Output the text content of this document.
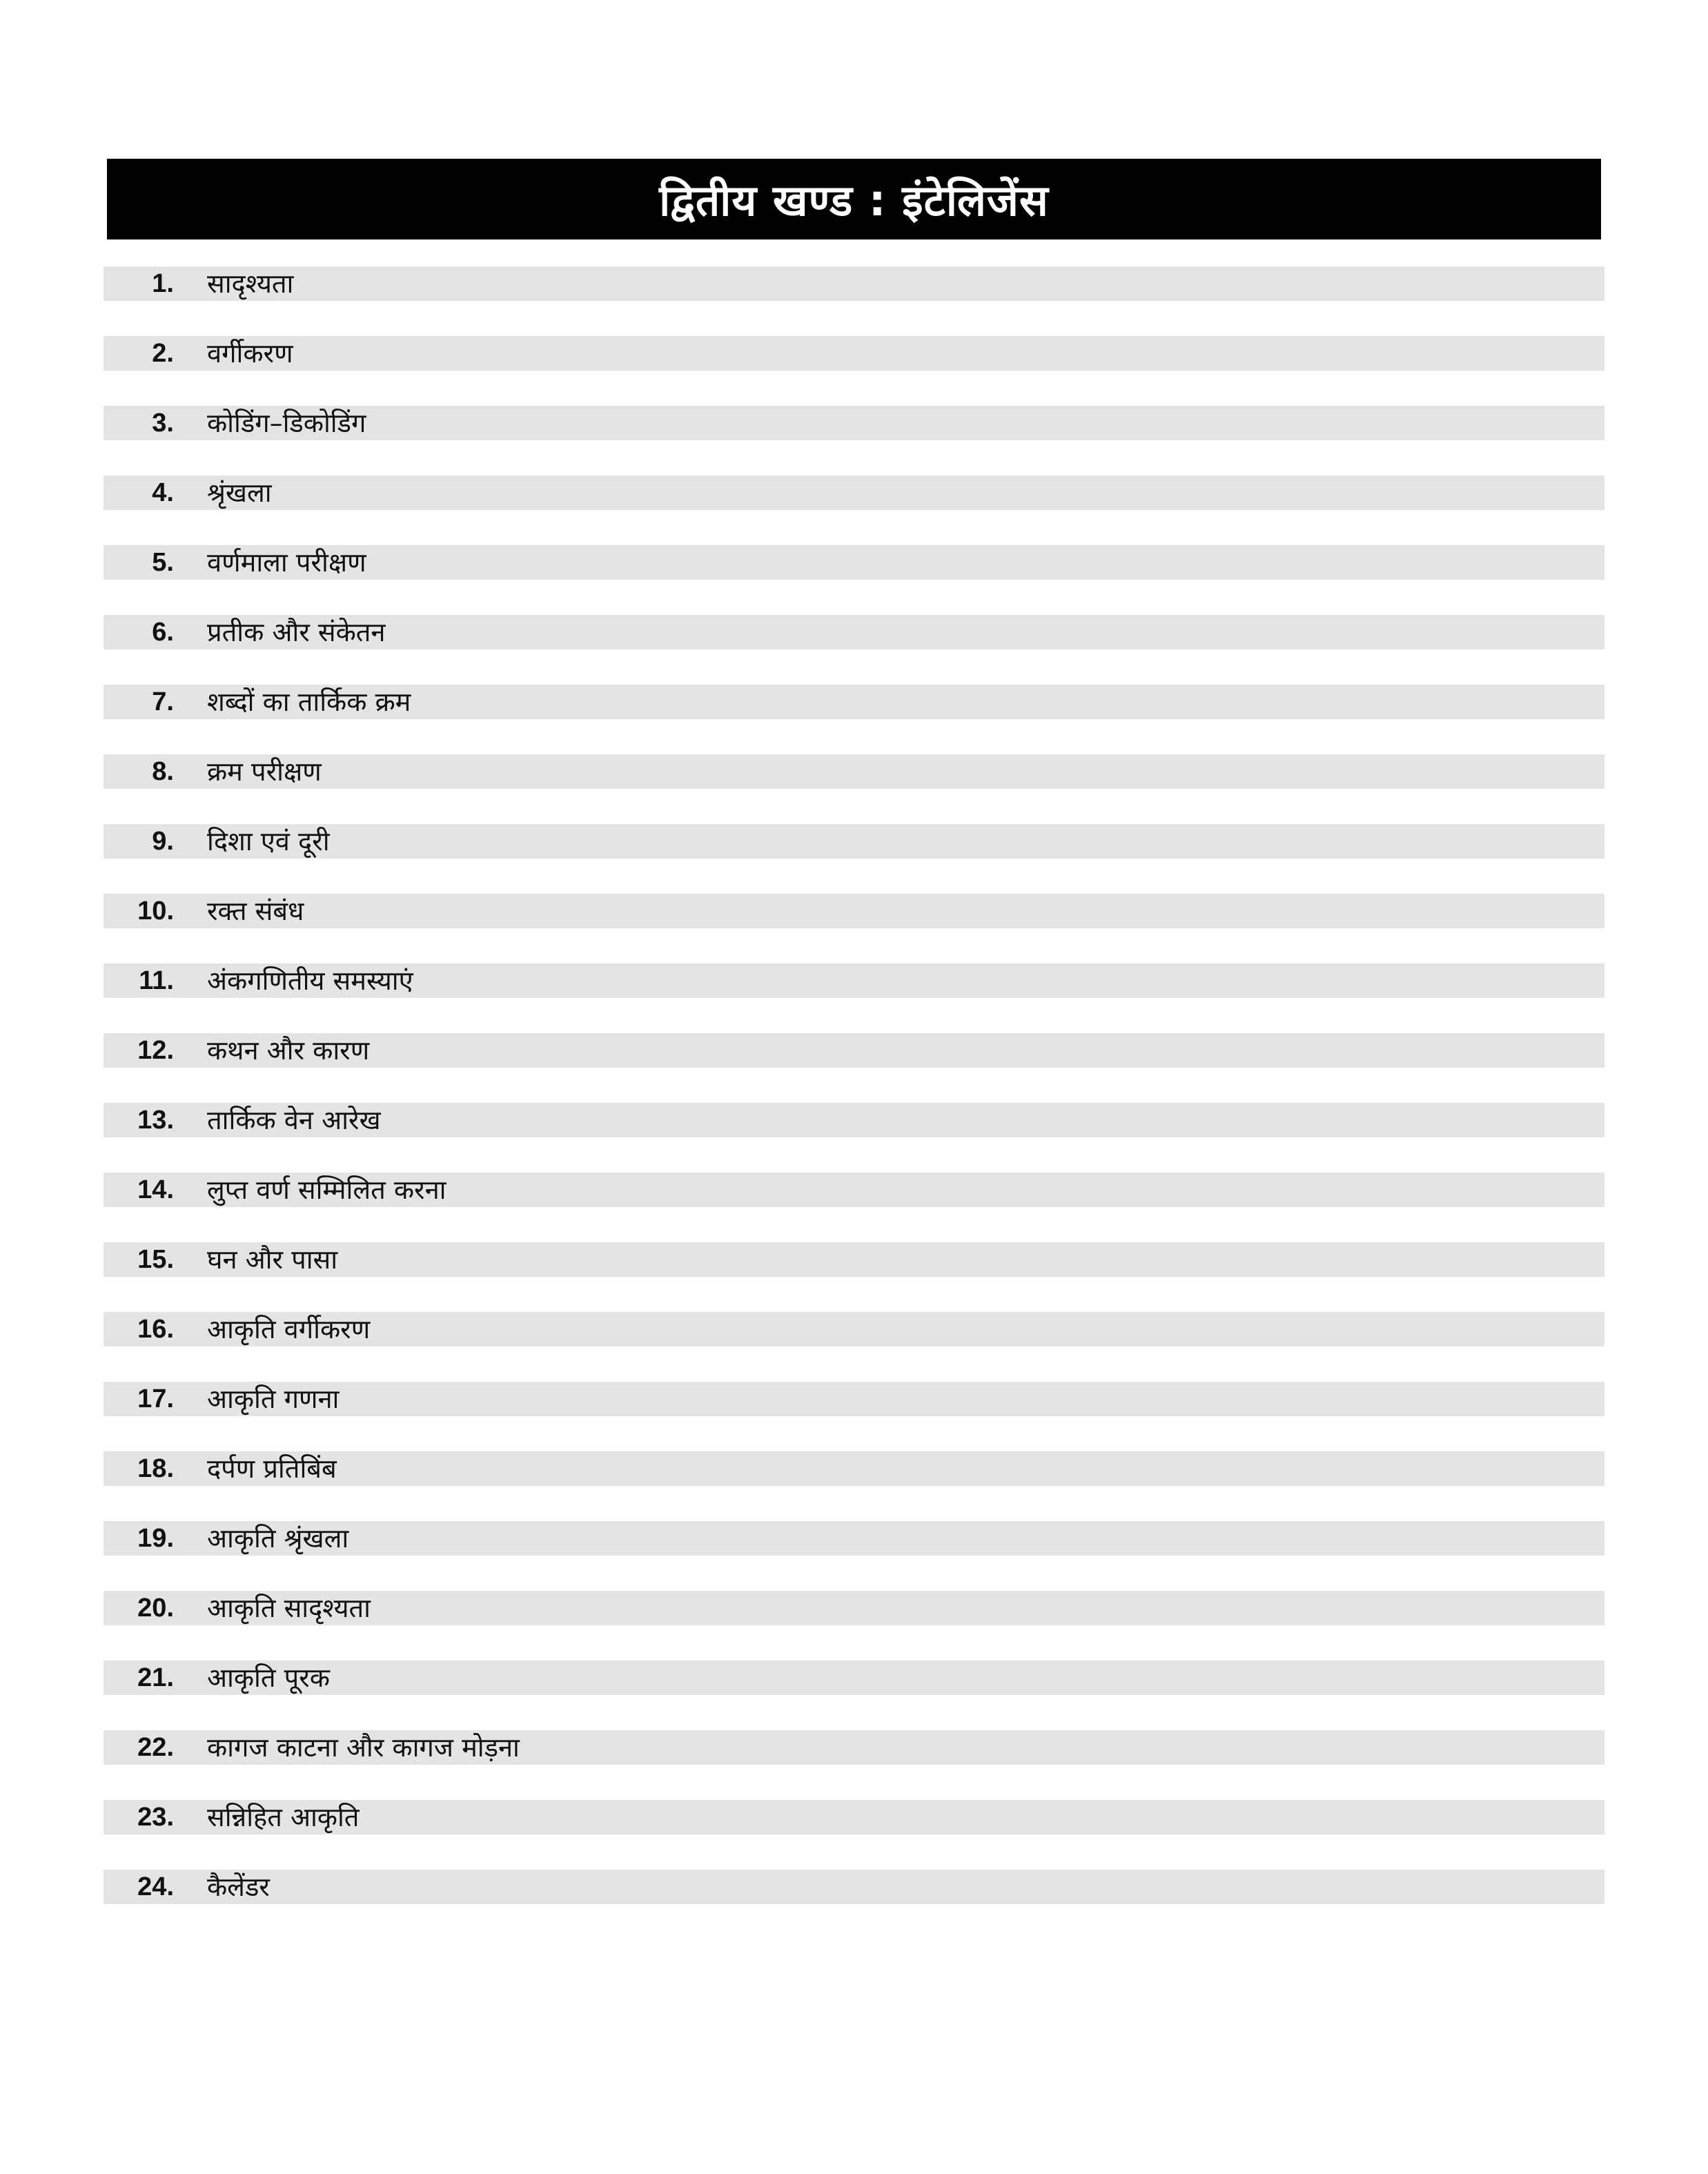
द्वितीय खण्ड : इंटेलिजेंस
1. सादृश्यता
2. वर्गीकरण
3. कोडिंग–डिकोडिंग
4. श्रृंखला
5. वर्णमाला परीक्षण
6. प्रतीक और संकेतन
7. शब्दों का तार्किक क्रम
8. क्रम परीक्षण
9. दिशा एवं दूरी
10. रक्त संबंध
11. अंकगणितीय समस्याएं
12. कथन और कारण
13. तार्किक वेन आरेख
14. लुप्त वर्ण सम्मिलित करना
15. घन और पासा
16. आकृति वर्गीकरण
17. आकृति गणना
18. दर्पण प्रतिबिंब
19. आकृति श्रृंखला
20. आकृति सादृश्यता
21. आकृति पूरक
22. कागज काटना और कागज मोड़ना
23. सन्निहित आकृति
24. कैलेंडर
